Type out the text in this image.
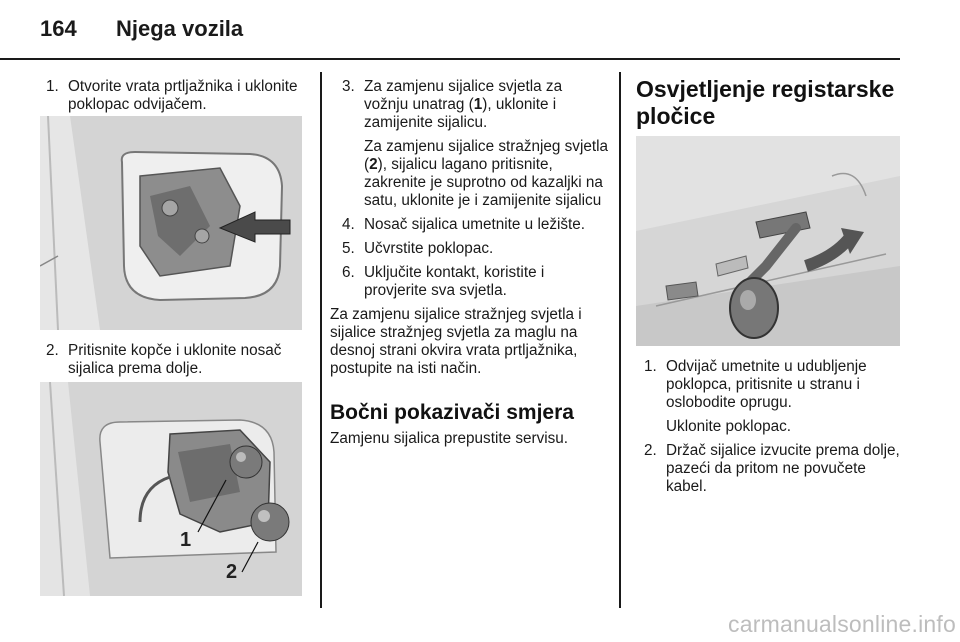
164 Njega vozila
1. Otvorite vrata prtljažnika i uklonite poklopac odvijačem.
2. Pritisnite kopče i uklonite nosač sijalica prema dolje.
1
2
3. Za zamjenu sijalice svjetla za vožnju unatrag (1), uklonite i zamijenite sijalicu.

Za zamjenu sijalice stražnjeg svjetla (2), sijalicu lagano pritisnite, zakrenite je suprotno od kazaljki na satu, uklonite je i zamijenite sijalicu

4. Nosač sijalica umetnite u ležište.
5. Učvrstite poklopac.
6. Uključite kontakt, koristite i provjerite sva svjetla.

Za zamjenu sijalice stražnjeg svjetla i sijalice stražnjeg svjetla za maglu na desnoj strani okvira vrata prtljažnika, postupite na isti način.

Bočni pokazivači smjera

Zamjenu sijalica prepustite servisu.

Osvjetljenje registarske pločice
1. Odvijač umetnite u udubljenje poklopca, pritisnite u stranu i oslobodite oprugu.

Uklonite poklopac.

2. Držač sijalice izvucite prema dolje, pazeći da pritom ne povučete kabel.
carmanualsonline.info
